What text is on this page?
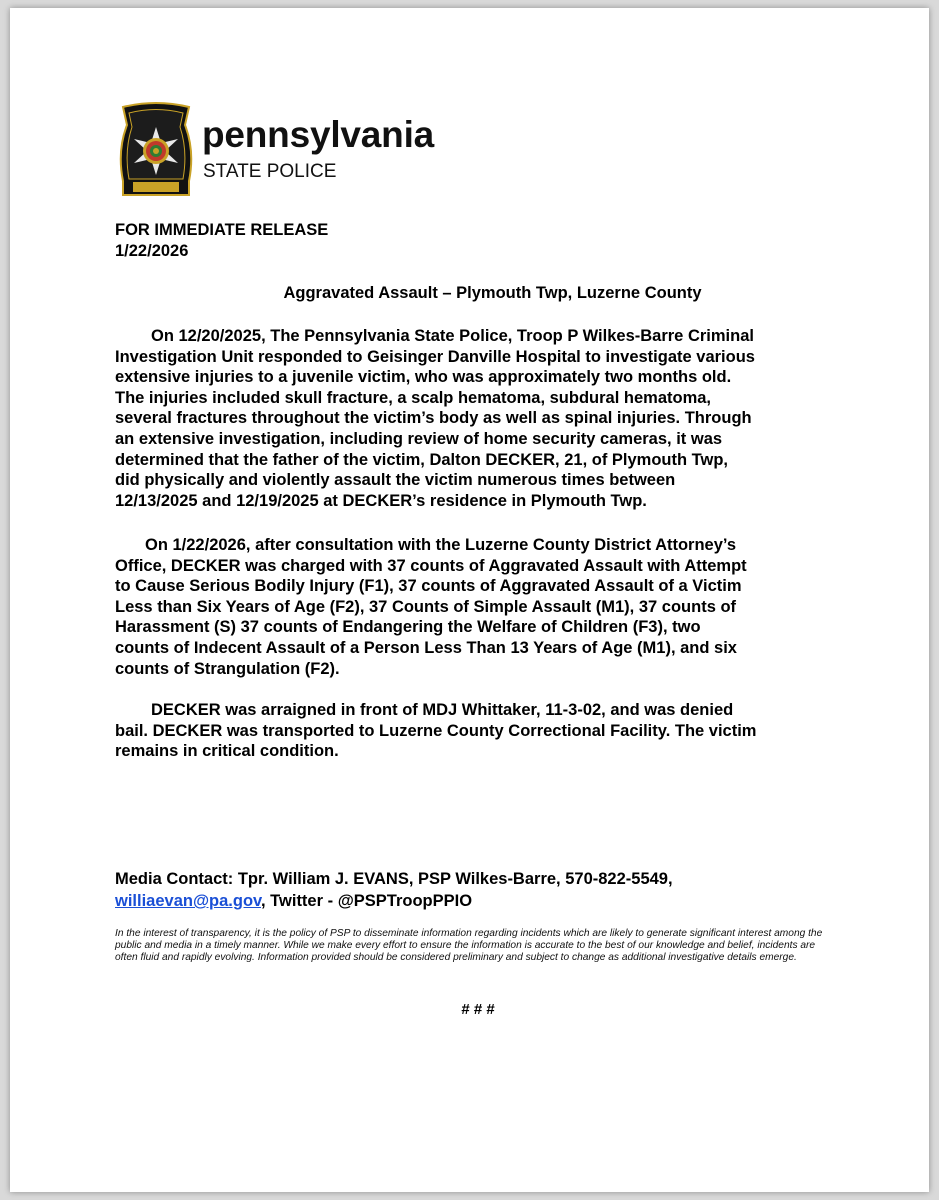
pennsylvania
STATE POLICE
FOR IMMEDIATE RELEASE
1/22/2026
Aggravated Assault – Plymouth Twp, Luzerne County
On 12/20/2025, The Pennsylvania State Police, Troop P Wilkes-Barre Criminal
Investigation Unit responded to Geisinger Danville Hospital to investigate various
extensive injuries to a juvenile victim, who was approximately two months old.
The injuries included skull fracture, a scalp hematoma, subdural hematoma,
several fractures throughout the victim’s body as well as spinal injuries. Through
an extensive investigation, including review of home security cameras, it was
determined that the father of the victim, Dalton DECKER, 21, of Plymouth Twp,
did physically and violently assault the victim numerous times between
12/13/2025 and 12/19/2025 at DECKER’s residence in Plymouth Twp.
On 1/22/2026, after consultation with the Luzerne County District Attorney’s
Office, DECKER was charged with 37 counts of Aggravated Assault with Attempt
to Cause Serious Bodily Injury (F1), 37 counts of Aggravated Assault of a Victim
Less than Six Years of Age (F2), 37 Counts of Simple Assault (M1), 37 counts of
Harassment (S) 37 counts of Endangering the Welfare of Children (F3), two
counts of Indecent Assault of a Person Less Than 13 Years of Age (M1), and six
counts of Strangulation (F2).
DECKER was arraigned in front of MDJ Whittaker, 11-3-02, and was denied
bail. DECKER was transported to Luzerne County Correctional Facility. The victim
remains in critical condition.
Media Contact: Tpr. William J. EVANS, PSP Wilkes-Barre, 570-822-5549,
williaevan@pa.gov, Twitter - @PSPTroopPPIO
In the interest of transparency, it is the policy of PSP to disseminate information regarding incidents which are likely to generate significant interest among the public and media in a timely manner. While we make every effort to ensure the information is accurate to the best of our knowledge and belief, incidents are often fluid and rapidly evolving. Information provided should be considered preliminary and subject to change as additional investigative details emerge.
# # #
